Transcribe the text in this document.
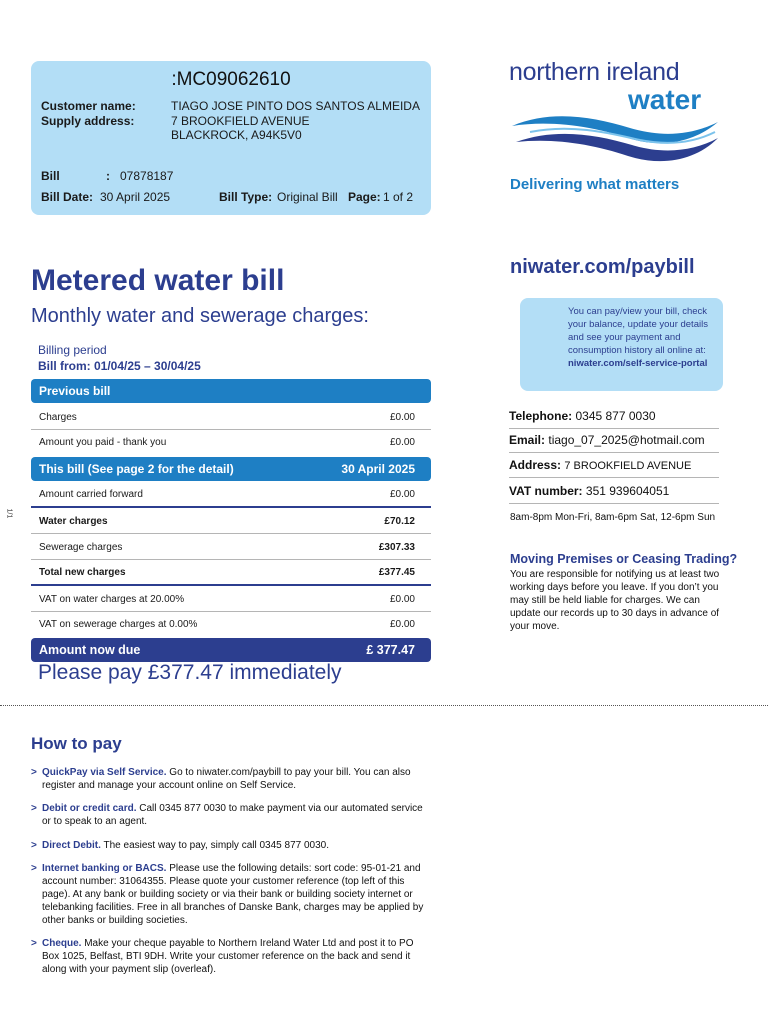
:MC09062610
Customer name:	TIAGO JOSE PINTO DOS SANTOS ALMEIDA
Supply address:	7 BROOKFIELD AVENUE
BLACKROCK, A94K5V0
Bill	: 07878187
Bill Date: 30 April 2025	Bill Type: Original Bill Page: 1 of 2
northern ireland
water
Delivering what matters
Metered water bill
Monthly water and sewerage charges:
Billing period
Bill from: 01/04/25 – 30/04/25
Previous bill
Charges	£0.00
Amount you paid - thank you	£0.00
This bill (See page 2 for the detail)	30 April 2025
Amount carried forward	£0.00
Water charges	£70.12
Sewerage charges	£307.33
Total new charges	£377.45
VAT on water charges at 20.00%	£0.00
VAT on sewerage charges at 0.00%	£0.00
Amount now due	£ 377.47
Please pay £377.47 immediately
1/1
niwater.com/paybill
You can pay/view your bill, check your balance, update your details and see your payment and consumption history all online at:
niwater.com/self-service-portal
Telephone: 0345 877 0030
Email: tiago_07_2025@hotmail.com
Address: 7 BROOKFIELD AVENUE
VAT number: 351 939604051
8am-8pm Mon-Fri, 8am-6pm Sat, 12-6pm Sun
Moving Premises or Ceasing Trading?
You are responsible for notifying us at least two working days before you leave. If you don’t you may still be held liable for charges. We can update our records up to 30 days in advance of your move.
How to pay
> QuickPay via Self Service. Go to niwater.com/paybill to pay your bill. You can also register and manage your account online on Self Service.
> Debit or credit card. Call 0345 877 0030 to make payment via our automated service or to speak to an agent.
> Direct Debit. The easiest way to pay, simply call 0345 877 0030.
> Internet banking or BACS. Please use the following details: sort code: 95-01-21 and account number: 31064355. Please quote your customer reference (top left of this page). At any bank or building society or via their bank or building society internet or telebanking facilities. Free in all branches of Danske Bank, charges may be applied by other banks or building societies.
> Cheque. Make your cheque payable to Northern Ireland Water Ltd and post it to PO Box 1025, Belfast, BTI 9DH. Write your customer reference on the back and send it along with your payment slip (overleaf).
